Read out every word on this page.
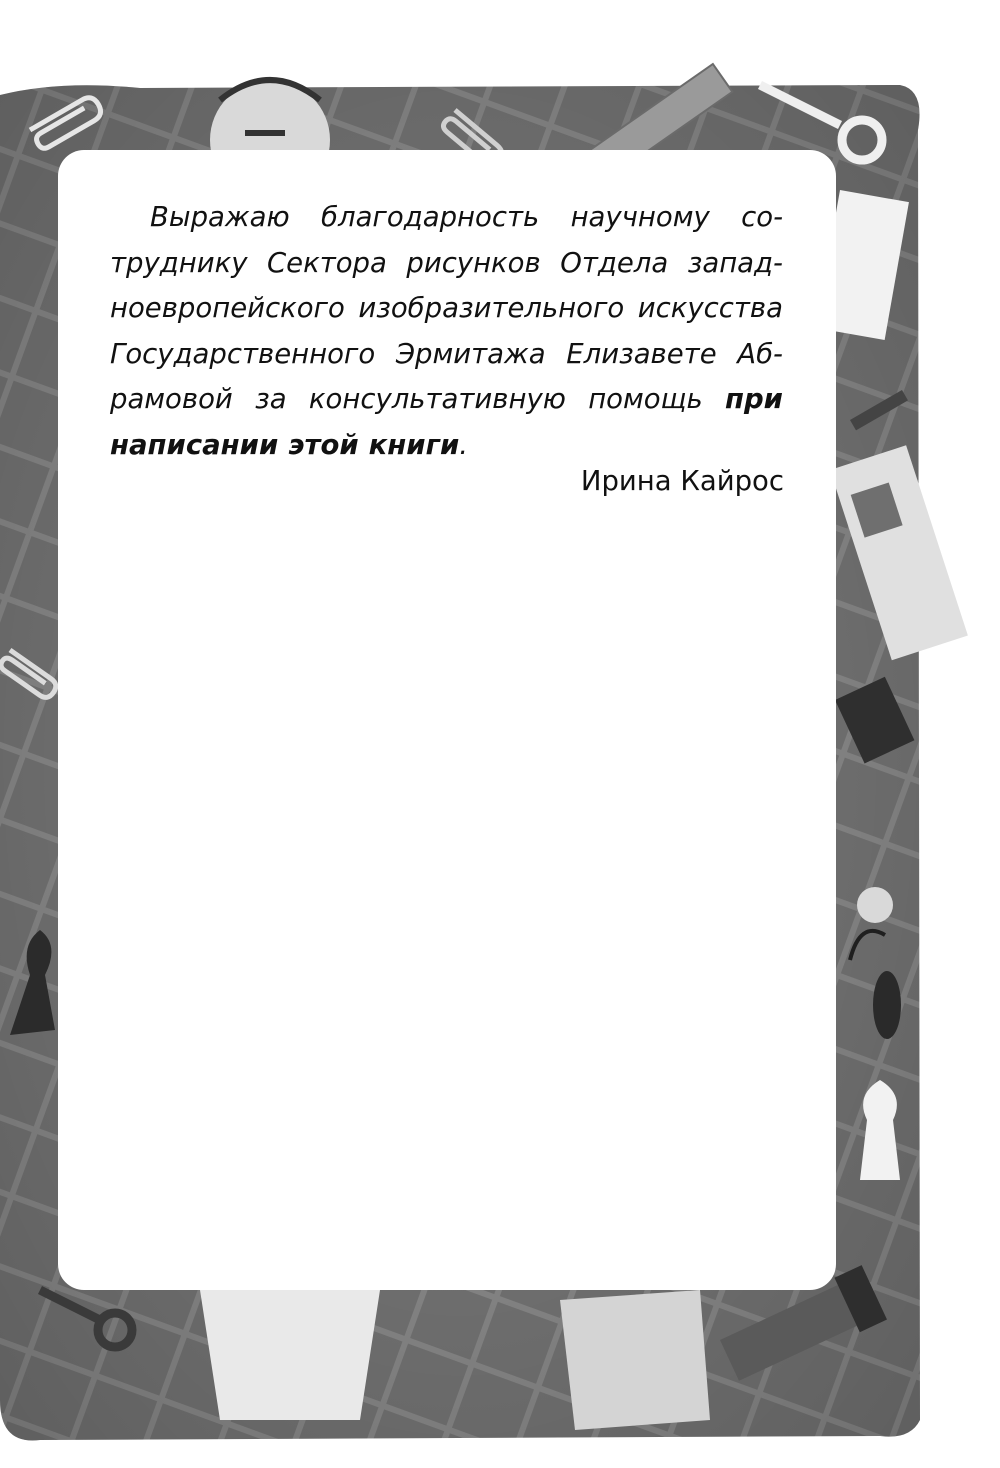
Выражаю благодарность научному со-
труднику Сектора рисунков Отдела запад-
ноевропейского изобразительного искусства
Государственного Эрмитажа Елизавете Аб-
рамовой за консультативную помощь при
написании этой книги.

Ирина Кайрос
